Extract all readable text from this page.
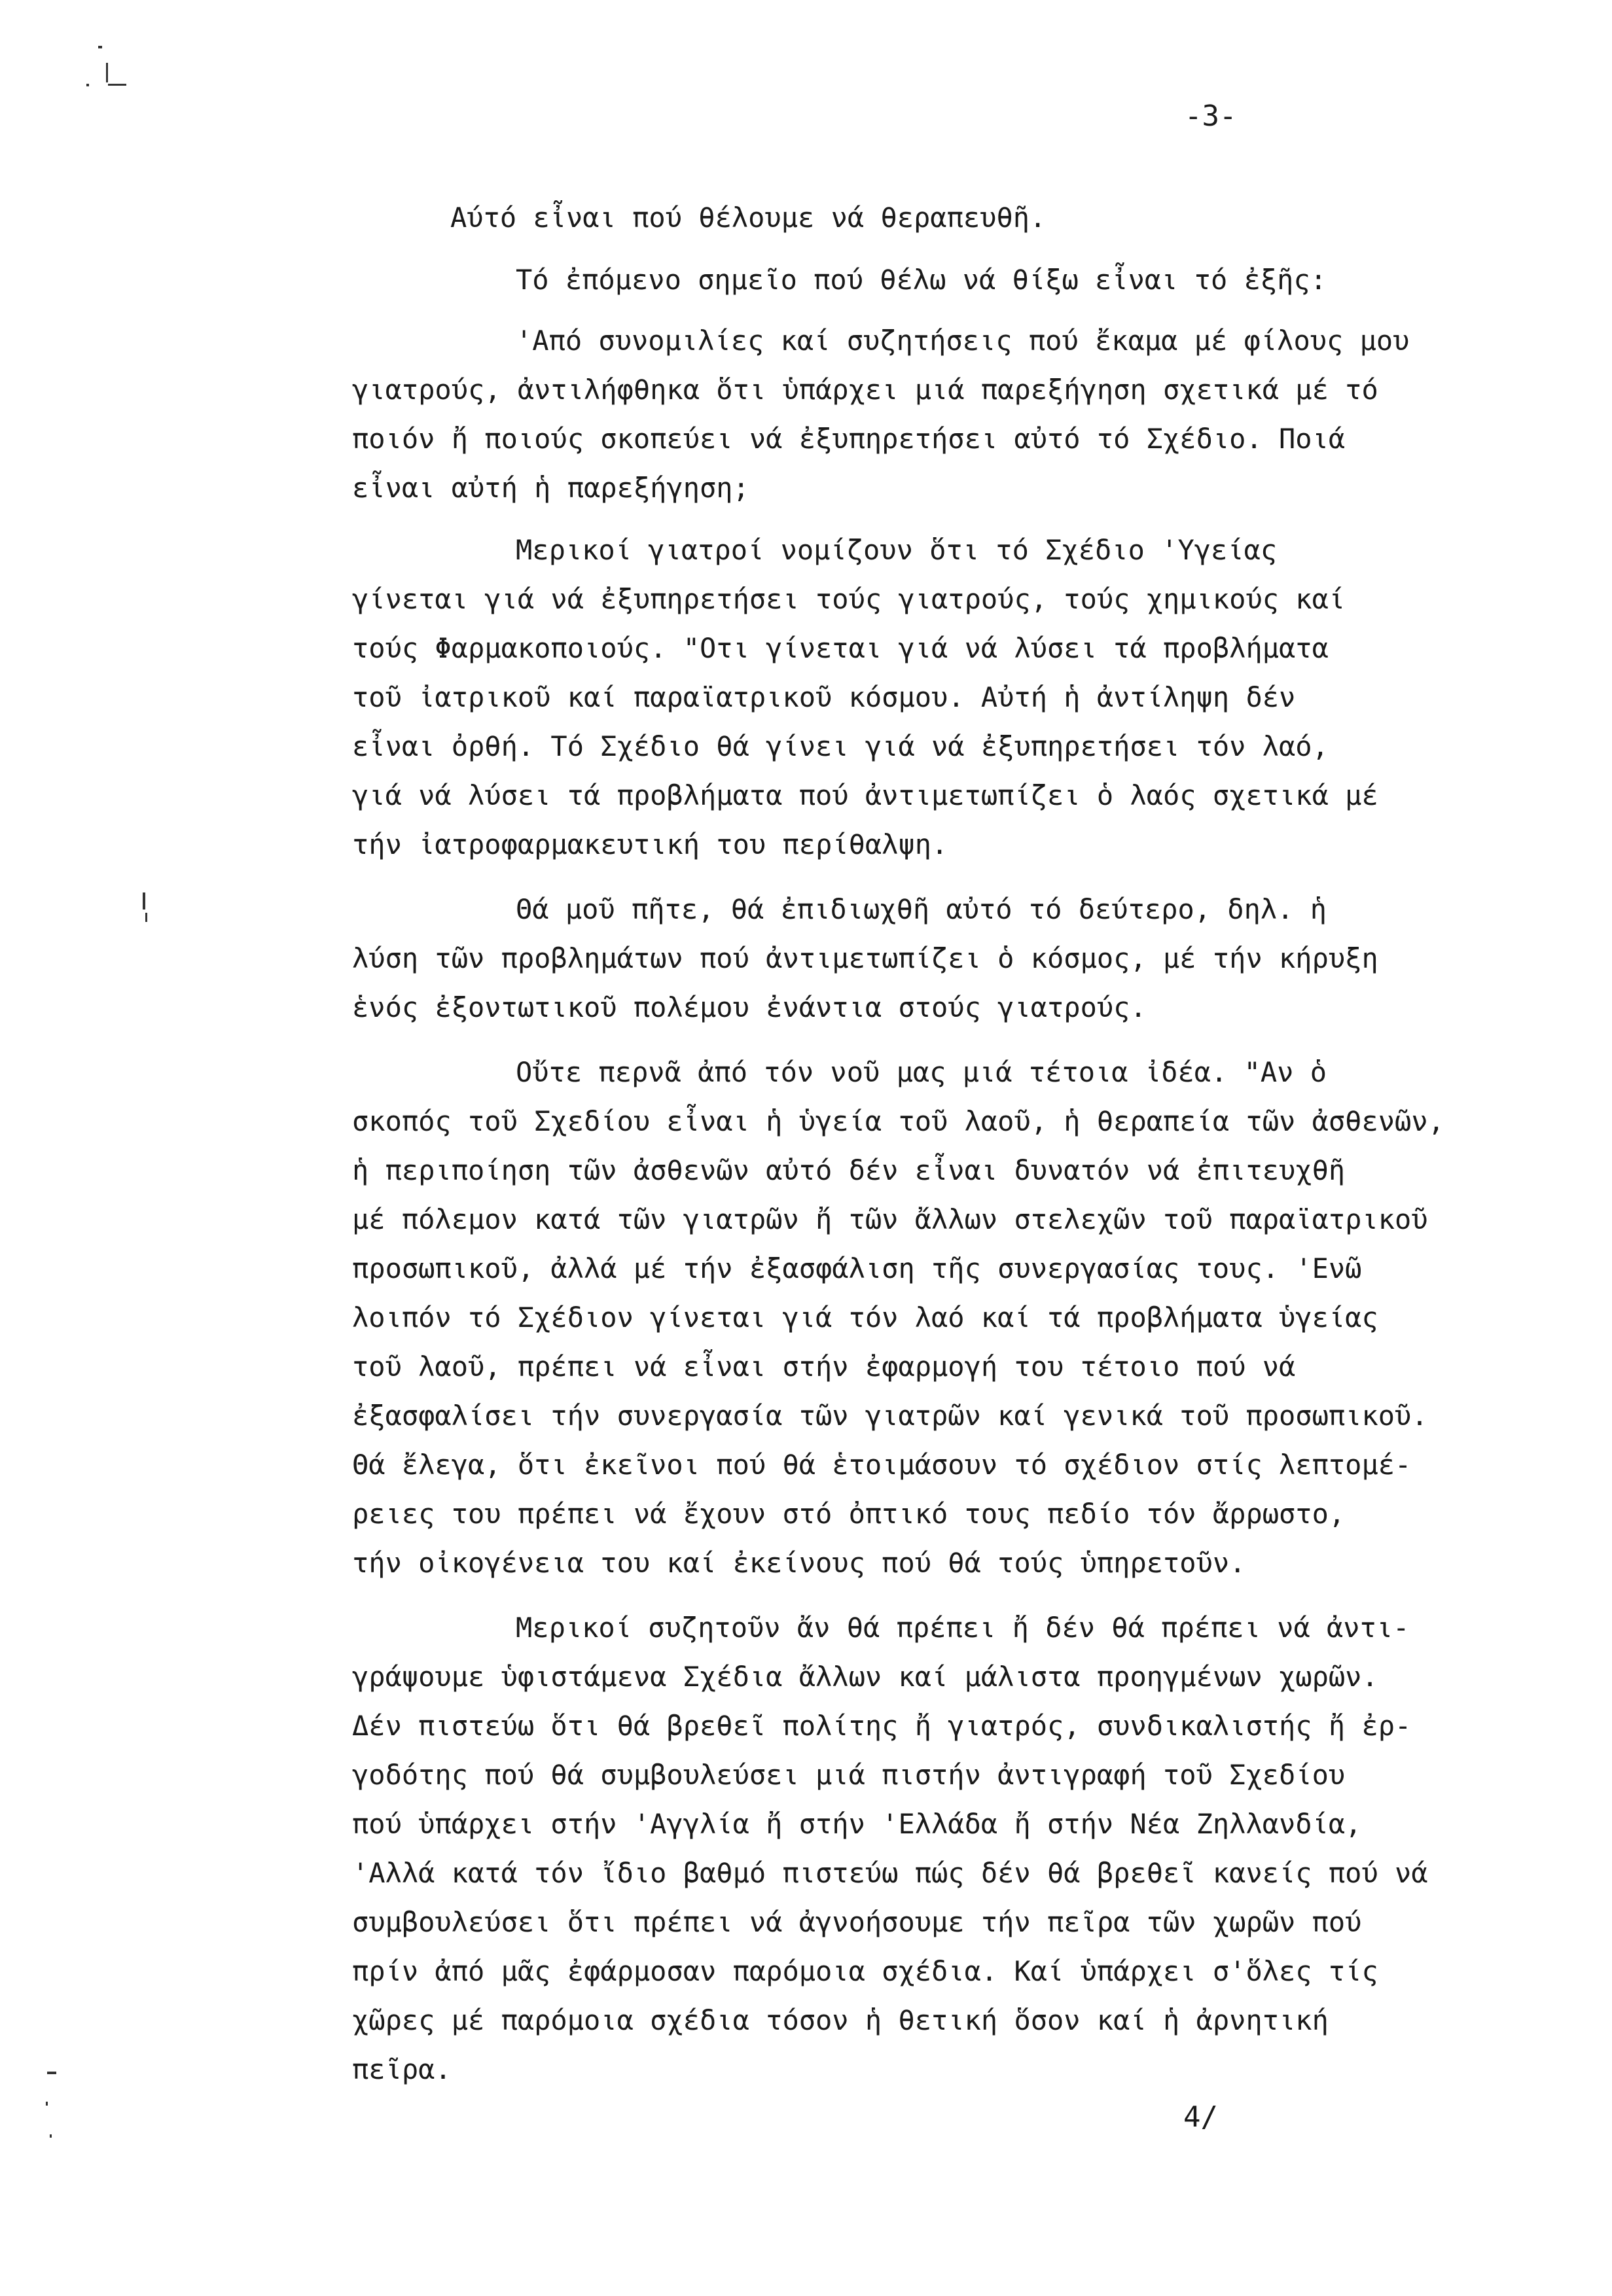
-3-
Αύτό εἶναι πού θέλουμε νά θεραπευθῆ.
Τό ἐπόμενο σημεῖο πού θέλω νά θίξω εἶναι τό ἐξῆς:
'Από συνομιλίες καί συζητήσεις πού ἔκαμα μέ φίλους μου
γιατρούς, ἀντιλήφθηκα ὅτι ὑπάρχει μιά παρεξήγηση σχετικά μέ τό
ποιόν ἤ ποιούς σκοπεύει νά ἐξυπηρετήσει αὐτό τό Σχέδιο. Ποιά
εἶναι αὐτή ἡ παρεξήγηση;
Μερικοί γιατροί νομίζουν ὅτι τό Σχέδιο 'Υγείας
γίνεται γιά νά ἐξυπηρετήσει τούς γιατρούς, τούς χημικούς καί
τούς Φαρμακοποιούς. "Οτι γίνεται γιά νά λύσει τά προβλήματα
τοῦ ἰατρικοῦ καί παραϊατρικοῦ κόσμου. Αὐτή ἡ ἀντίληψη δέν
εἶναι ὀρθή. Τό Σχέδιο θά γίνει γιά νά ἐξυπηρετήσει τόν λαό,
γιά νά λύσει τά προβλήματα πού ἀντιμετωπίζει ὁ λαός σχετικά μέ
τήν ἰατροφαρμακευτική του περίθαλψη.
Θά μοῦ πῆτε, θά ἐπιδιωχθῆ αὐτό τό δεύτερο, δηλ. ἡ
λύση τῶν προβλημάτων πού ἀντιμετωπίζει ὁ κόσμος, μέ τήν κήρυξη
ἑνός ἐξοντωτικοῦ πολέμου ἐνάντια στούς γιατρούς.
Οὔτε περνᾶ ἀπό τόν νοῦ μας μιά τέτοια ἰδέα. "Αν ὁ
σκοπός τοῦ Σχεδίου εἶναι ἡ ὑγεία τοῦ λαοῦ, ἡ θεραπεία τῶν ἀσθενῶν,
ἡ περιποίηση τῶν ἀσθενῶν αὐτό δέν εἶναι δυνατόν νά ἐπιτευχθῆ
μέ πόλεμον κατά τῶν γιατρῶν ἤ τῶν ἄλλων στελεχῶν τοῦ παραϊατρικοῦ
προσωπικοῦ, ἀλλά μέ τήν ἐξασφάλιση τῆς συνεργασίας τους. 'Ενῶ
λοιπόν τό Σχέδιον γίνεται γιά τόν λαό καί τά προβλήματα ὑγείας
τοῦ λαοῦ, πρέπει νά εἶναι στήν ἐφαρμογή του τέτοιο πού νά
ἐξασφαλίσει τήν συνεργασία τῶν γιατρῶν καί γενικά τοῦ προσωπικοῦ.
Θά ἔλεγα, ὅτι ἐκεῖνοι πού θά ἑτοιμάσουν τό σχέδιον στίς λεπτομέ-
ρειες του πρέπει νά ἔχουν στό ὀπτικό τους πεδίο τόν ἄρρωστο,
τήν οἰκογένεια του καί ἐκείνους πού θά τούς ὑπηρετοῦν.
Μερικοί συζητοῦν ἄν θά πρέπει ἤ δέν θά πρέπει νά ἀντι-
γράψουμε ὑφιστάμενα Σχέδια ἄλλων καί μάλιστα προηγμένων χωρῶν.
Δέν πιστεύω ὅτι θά βρεθεῖ πολίτης ἤ γιατρός, συνδικαλιστής ἤ ἐρ-
γοδότης πού θά συμβουλεύσει μιά πιστήν ἀντιγραφή τοῦ Σχεδίου
πού ὑπάρχει στήν 'Αγγλία ἤ στήν 'Ελλάδα ἤ στήν Νέα Ζηλλανδία,
'Αλλά κατά τόν ἴδιο βαθμό πιστεύω πώς δέν θά βρεθεῖ κανείς πού νά
συμβουλεύσει ὅτι πρέπει νά ἀγνοήσουμε τήν πεῖρα τῶν χωρῶν πού
πρίν ἀπό μᾶς ἐφάρμοσαν παρόμοια σχέδια. Καί ὑπάρχει σ'ὅλες τίς
χῶρες μέ παρόμοια σχέδια τόσον ἡ θετική ὅσον καί ἡ ἀρνητική
πεῖρα.
4/
